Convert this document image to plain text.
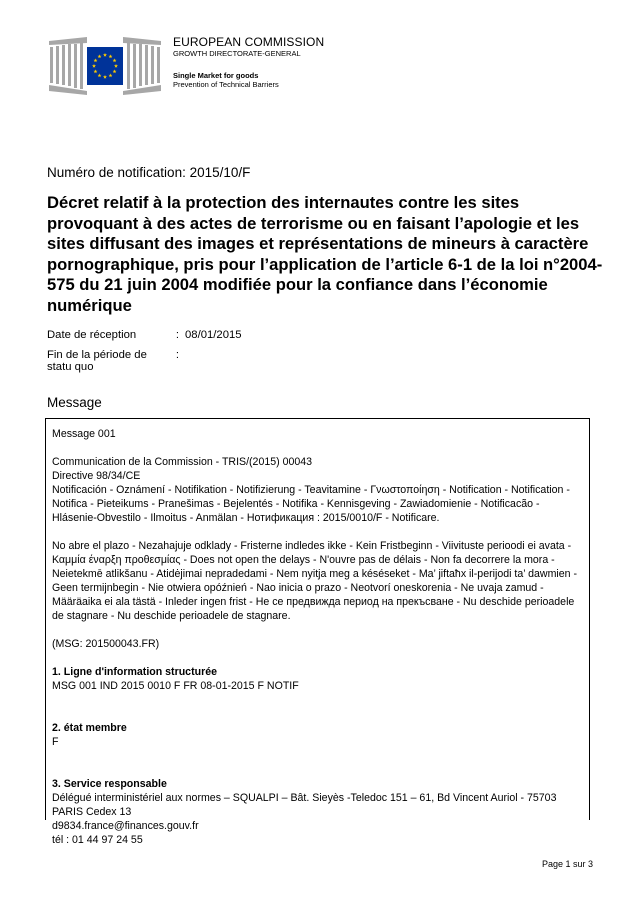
EUROPEAN COMMISSION
GROWTH DIRECTORATE-GENERAL
Single Market for goods
Prevention of Technical Barriers
Numéro de notification: 2015/10/F
Décret relatif à la protection des internautes contre les sites provoquant à des actes de terrorisme ou en faisant l’apologie et les sites diffusant des images et représentations de mineurs à caractère pornographique, pris pour l’application de l’article 6-1 de la loi n°2004-575 du 21 juin 2004 modifiée pour la confiance dans l’économie numérique
Date de réception	:	08/01/2015
Fin de la période de statu quo	:	
Message

Message 001

Communication de la Commission - TRIS/(2015) 00043

Directive 98/34/CE

Notificación - Oznámení - Notifikation - Notifizierung - Teavitamine - Γνωστοποίηση - Notification - Notification - Notifica - Pieteikums - Pranešimas - Bejelentés - Notifika - Kennisgeving - Zawiadomienie - Notificacão - Hlásenie-Obvestilo - Ilmoitus - Anmälan - Нотификация : 2015/0010/F - Notificare.

No abre el plazo - Nezahajuje odklady - Fristerne indledes ikke - Kein Fristbeginn - Viivituste perioodi ei avata - Καμμία έναρξη προθεσμίας - Does not open the delays - N'ouvre pas de délais - Non fa decorrere la mora - Neietekmē atlikšanu - Atidėjimai nepradedami - Nem nyitja meg a késéseket - Ma’ jiftaħx il-perijodi ta’ dawmien - Geen termijnbegin - Nie otwiera opóźnień - Nao inicia o prazo - Neotvorí oneskorenia - Ne uvaja zamud - Määräaika ei ala tästä - Inleder ingen frist - Не се предвижда период на прекъсване - Nu deschide perioadele de stagnare - Nu deschide perioadele de stagnare.

(MSG: 201500043.FR)

1. Ligne d'information structurée

MSG 001 IND 2015 0010 F FR 08-01-2015 F NOTIF

2. état membre

F

3. Service responsable

Délégué interministériel aux normes – SQUALPI – Bât. Sieyès -Teledoc 151 – 61, Bd Vincent Auriol - 75703

PARIS Cedex 13

d9834.france@finances.gouv.fr

tél : 01 44 97 24 55

Page 1 sur 3
